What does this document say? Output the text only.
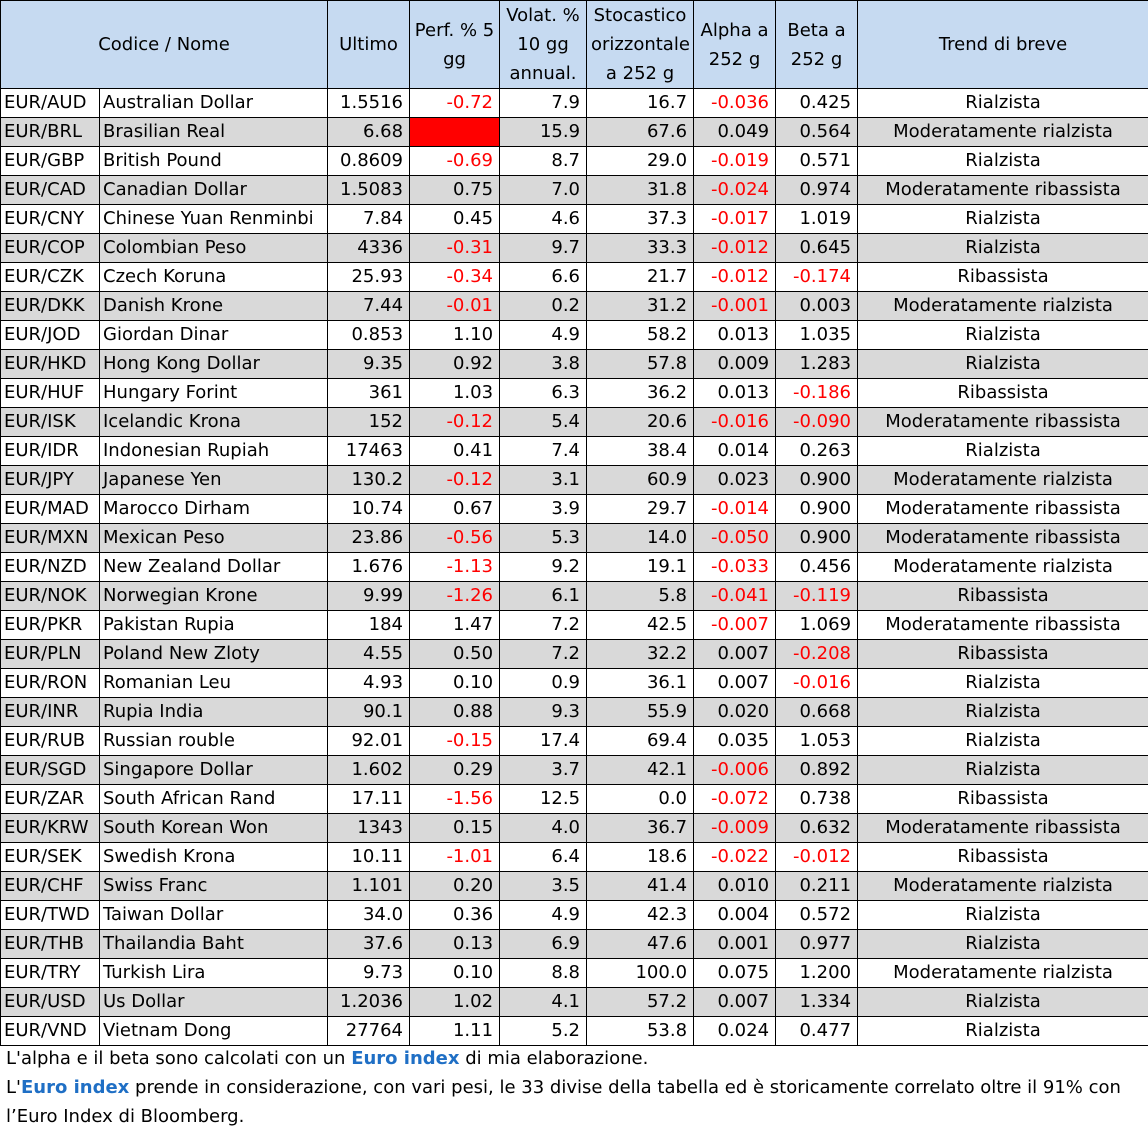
Codice / Nome		Ultimo	Perf. % 5 gg	Volat. % 10 gg annual.	Stocastico orizzontale a 252 g	Alpha a 252 g	Beta a 252 g	Trend di breve
EUR/AUD	Australian Dollar	1.5516	-0.72	7.9	16.7	-0.036	0.425	Rialzista
EUR/BRL	Brasilian Real	6.68	-2.26	15.9	67.6	0.049	0.564	Moderatamente rialzista
EUR/GBP	British Pound	0.8609	-0.69	8.7	29.0	-0.019	0.571	Rialzista
EUR/CAD	Canadian Dollar	1.5083	0.75	7.0	31.8	-0.024	0.974	Moderatamente ribassista
EUR/CNY	Chinese Yuan Renminbi	7.84	0.45	4.6	37.3	-0.017	1.019	Rialzista
EUR/COP	Colombian Peso	4336	-0.31	9.7	33.3	-0.012	0.645	Rialzista
EUR/CZK	Czech Koruna	25.93	-0.34	6.6	21.7	-0.012	-0.174	Ribassista
EUR/DKK	Danish Krone	7.44	-0.01	0.2	31.2	-0.001	0.003	Moderatamente rialzista
EUR/JOD	Giordan Dinar	0.853	1.10	4.9	58.2	0.013	1.035	Rialzista
EUR/HKD	Hong Kong Dollar	9.35	0.92	3.8	57.8	0.009	1.283	Rialzista
EUR/HUF	Hungary Forint	361	1.03	6.3	36.2	0.013	-0.186	Ribassista
EUR/ISK	Icelandic Krona	152	-0.12	5.4	20.6	-0.016	-0.090	Moderatamente ribassista
EUR/IDR	Indonesian Rupiah	17463	0.41	7.4	38.4	0.014	0.263	Rialzista
EUR/JPY	Japanese Yen	130.2	-0.12	3.1	60.9	0.023	0.900	Moderatamente rialzista
EUR/MAD	Marocco Dirham	10.74	0.67	3.9	29.7	-0.014	0.900	Moderatamente ribassista
EUR/MXN	Mexican Peso	23.86	-0.56	5.3	14.0	-0.050	0.900	Moderatamente ribassista
EUR/NZD	New Zealand Dollar	1.676	-1.13	9.2	19.1	-0.033	0.456	Moderatamente rialzista
EUR/NOK	Norwegian Krone	9.99	-1.26	6.1	5.8	-0.041	-0.119	Ribassista
EUR/PKR	Pakistan Rupia	184	1.47	7.2	42.5	-0.007	1.069	Moderatamente ribassista
EUR/PLN	Poland New Zloty	4.55	0.50	7.2	32.2	0.007	-0.208	Ribassista
EUR/RON	Romanian Leu	4.93	0.10	0.9	36.1	0.007	-0.016	Rialzista
EUR/INR	Rupia India	90.1	0.88	9.3	55.9	0.020	0.668	Rialzista
EUR/RUB	Russian rouble	92.01	-0.15	17.4	69.4	0.035	1.053	Rialzista
EUR/SGD	Singapore Dollar	1.602	0.29	3.7	42.1	-0.006	0.892	Rialzista
EUR/ZAR	South African Rand	17.11	-1.56	12.5	0.0	-0.072	0.738	Ribassista
EUR/KRW	South Korean Won	1343	0.15	4.0	36.7	-0.009	0.632	Moderatamente ribassista
EUR/SEK	Swedish Krona	10.11	-1.01	6.4	18.6	-0.022	-0.012	Ribassista
EUR/CHF	Swiss Franc	1.101	0.20	3.5	41.4	0.010	0.211	Moderatamente rialzista
EUR/TWD	Taiwan Dollar	34.0	0.36	4.9	42.3	0.004	0.572	Rialzista
EUR/THB	Thailandia Baht	37.6	0.13	6.9	47.6	0.001	0.977	Rialzista
EUR/TRY	Turkish Lira	9.73	0.10	8.8	100.0	0.075	1.200	Moderatamente rialzista
EUR/USD	Us Dollar	1.2036	1.02	4.1	57.2	0.007	1.334	Rialzista
EUR/VND	Vietnam Dong	27764	1.11	5.2	53.8	0.024	0.477	Rialzista

L'alpha e il beta sono calcolati con un Euro index di mia elaborazione.

L'Euro index prende in considerazione, con vari pesi, le 33 divise della tabella ed è storicamente correlato oltre il 91% con l’Euro Index di Bloomberg.
